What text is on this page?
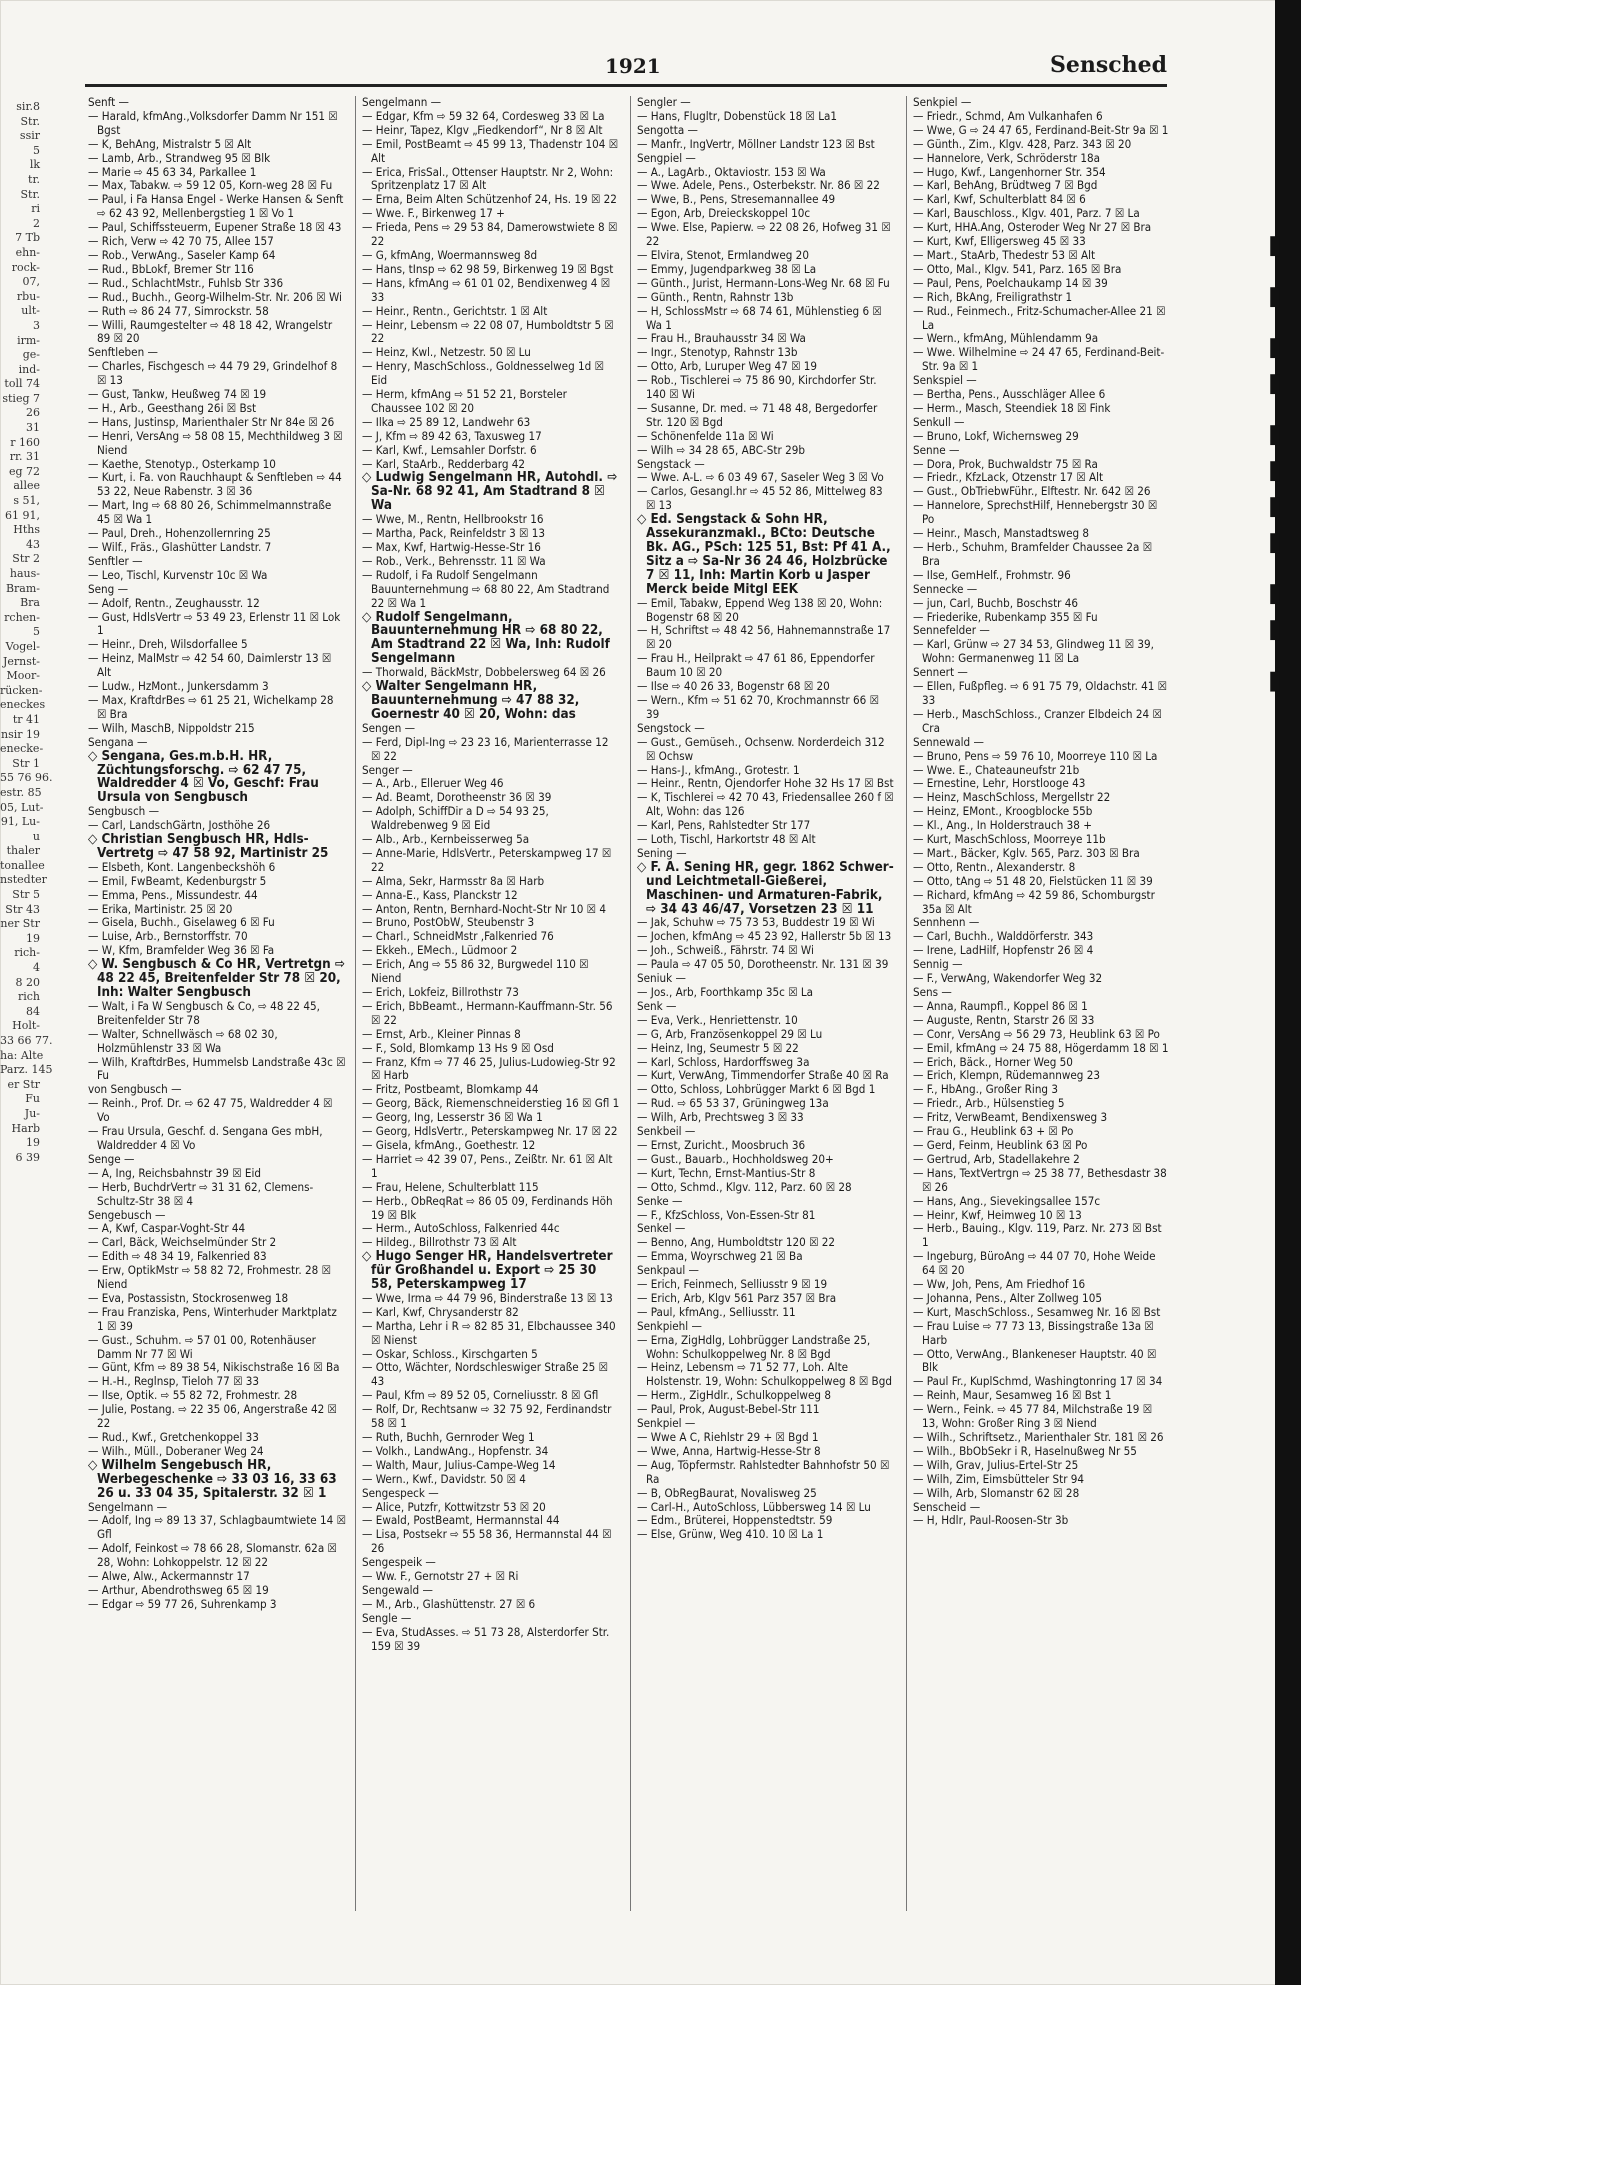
▮ ▮ ▮▮ ▮▮▮▮ ▮▮ ▮
sir.8
Str.
ssir
5
lk
tr.
Str.
ri
2
7 Tb
ehn-
rock-
07,
rbu-
ult-
3
irm-
ge-
ind-
toll 74
stieg 7
26
31
r 160
rr. 31
eg 72
allee
s 51,
61 91,
Hths
43
Str 2
haus-
Bram-
Bra
rchen-
5
Vogel-
Jernst-
Moor-
rücken-
eneckes
tr 41
nsir 19
enecke-
Str 1
55 76 96.
estr. 85
05, Lut-
91, Lu-
u
thaler
tonallee
nstedter
Str 5
Str 43
ner Str
19
rich-
4
8 20
rich
84
Holt-
33 66 77.
ha: Alte
Parz. 145
er Str
Fu
Ju-
Harb
19
6 39
1921	Sensched
Senft —
— Harald, kfmAng.,Volksdorfer Damm Nr 151 ☒ Bgst
— K, BehAng, Mistralstr 5 ☒ Alt
— Lamb, Arb., Strandweg 95 ☒ Blk
— Marie ⇨ 45 63 34, Parkallee 1
— Max, Tabakw. ⇨ 59 12 05, Korn-weg 28 ☒ Fu
— Paul, i Fa Hansa Engel - Werke Hansen & Senft ⇨ 62 43 92, Mellenbergstieg 1 ☒ Vo 1
— Paul, Schiffssteuerm, Eupener Straße 18 ☒ 43
— Rich, Verw ⇨ 42 70 75, Allee 157
— Rob., VerwAng., Saseler Kamp 64
— Rud., BbLokf, Bremer Str 116
— Rud., SchlachtMstr., Fuhlsb Str 336
— Rud., Buchh., Georg-Wilhelm-Str. Nr. 206 ☒ Wi
— Ruth ⇨ 86 24 77, Simrockstr. 58
— Willi, Raumgestelter ⇨ 48 18 42, Wrangelstr 89 ☒ 20
Senftleben —
— Charles, Fischgesch ⇨ 44 79 29, Grindelhof 8 ☒ 13
— Gust, Tankw, Heußweg 74 ☒ 19
— H., Arb., Geesthang 26i ☒ Bst
— Hans, Justinsp, Marienthaler Str Nr 84e ☒ 26
— Henri, VersAng ⇨ 58 08 15, Mechthildweg 3 ☒ Niend
— Kaethe, Stenotyp., Osterkamp 10
— Kurt, i. Fa. von Rauchhaupt & Senftleben ⇨ 44 53 22, Neue Rabenstr. 3 ☒ 36
— Mart, Ing ⇨ 68 80 26, Schimmelmannstraße 45 ☒ Wa 1
— Paul, Dreh., Hohenzollernring 25
— Wilf., Fräs., Glashütter Landstr. 7
Senftler —
— Leo, Tischl, Kurvenstr 10c ☒ Wa
Seng —
— Adolf, Rentn., Zeughausstr. 12
— Gust, HdlsVertr ⇨ 53 49 23, Erlenstr 11 ☒ Lok 1
— Heinr., Dreh, Wilsdorfallee 5
— Heinz, MalMstr ⇨ 42 54 60, Daimlerstr 13 ☒ Alt
— Ludw., HzMont., Junkersdamm 3
— Max, KraftdrBes ⇨ 61 25 21, Wichelkamp 28 ☒ Bra
— Wilh, MaschB, Nippoldstr 215
Sengana —
◇ Sengana, Ges.m.b.H. HR, Züchtungsforschg. ⇨ 62 47 75, Waldredder 4 ☒ Vo, Geschf: Frau Ursula von Sengbusch
Sengbusch —
— Carl, LandschGärtn, Josthöhe 26
◇ Christian Sengbusch HR, Hdls-Vertretg ⇨ 47 58 92, Martinistr 25
— Elsbeth, Kont. Langenbeckshöh 6
— Emil, FwBeamt, Kedenburgstr 5
— Emma, Pens., Missundestr. 44
— Erika, Martinistr. 25 ☒ 20
— Gisela, Buchh., Giselaweg 6 ☒ Fu
— Luise, Arb., Bernstorffstr. 70
— W, Kfm, Bramfelder Weg 36 ☒ Fa
◇ W. Sengbusch & Co HR, Vertretgn ⇨ 48 22 45, Breitenfelder Str 78 ☒ 20, Inh: Walter Sengbusch
— Walt, i Fa W Sengbusch & Co, ⇨ 48 22 45, Breitenfelder Str 78
— Walter, Schnellwäsch ⇨ 68 02 30, Holzmühlenstr 33 ☒ Wa
— Wilh, KraftdrBes, Hummelsb Landstraße 43c ☒ Fu
von Sengbusch —
— Reinh., Prof. Dr. ⇨ 62 47 75, Waldredder 4 ☒ Vo
— Frau Ursula, Geschf. d. Sengana Ges mbH, Waldredder 4 ☒ Vo
Senge —
— A, Ing, Reichsbahnstr 39 ☒ Eid
— Herb, BuchdrVertr ⇨ 31 31 62, Clemens-Schultz-Str 38 ☒ 4
Sengebusch —
— A, Kwf, Caspar-Voght-Str 44
— Carl, Bäck, Weichselmünder Str 2
— Edith ⇨ 48 34 19, Falkenried 83
— Erw, OptikMstr ⇨ 58 82 72, Frohmestr. 28 ☒ Niend
— Eva, Postassistn, Stockrosenweg 18
— Frau Franziska, Pens, Winterhuder Marktplatz 1 ☒ 39
— Gust., Schuhm. ⇨ 57 01 00, Rotenhäuser Damm Nr 77 ☒ Wi
— Günt, Kfm ⇨ 89 38 54, Nikischstraße 16 ☒ Ba
— H.-H., Reglnsp, Tieloh 77 ☒ 33
— Ilse, Optik. ⇨ 55 82 72, Frohmestr. 28
— Julie, Postang. ⇨ 22 35 06, Angerstraße 42 ☒ 22
— Rud., Kwf., Gretchenkoppel 33
— Wilh., Müll., Doberaner Weg 24
◇ Wilhelm Sengebusch HR, Werbegeschenke ⇨ 33 03 16, 33 63 26 u. 33 04 35, Spitalerstr. 32 ☒ 1
Sengelmann —
— Adolf, Ing ⇨ 89 13 37, Schlagbaumtwiete 14 ☒ Gfl
— Adolf, Feinkost ⇨ 78 66 28, Slomanstr. 62a ☒ 28, Wohn: Lohkoppelstr. 12 ☒ 22
— Alwe, Alw., Ackermannstr 17
— Arthur, Abendrothsweg 65 ☒ 19
— Edgar ⇨ 59 77 26, Suhrenkamp 3
Sengelmann —
— Edgar, Kfm ⇨ 59 32 64, Cordesweg 33 ☒ La
— Heinr, Tapez, Klgv „Fiedkendorf“, Nr 8 ☒ Alt
— Emil, PostBeamt ⇨ 45 99 13, Thadenstr 104 ☒ Alt
— Erica, FrisSal., Ottenser Hauptstr. Nr 2, Wohn: Spritzenplatz 17 ☒ Alt
— Erna, Beim Alten Schützenhof 24, Hs. 19 ☒ 22
— Wwe. F., Birkenweg 17 +
— Frieda, Pens ⇨ 29 53 84, Damerowstwiete 8 ☒ 22
— G, kfmAng, Woermannsweg 8d
— Hans, tInsp ⇨ 62 98 59, Birkenweg 19 ☒ Bgst
— Hans, kfmAng ⇨ 61 01 02, Bendixenweg 4 ☒ 33
— Heinr., Rentn., Gerichtstr. 1 ☒ Alt
— Heinr, Lebensm ⇨ 22 08 07, Humboldtstr 5 ☒ 22
— Heinz, Kwl., Netzestr. 50 ☒ Lu
— Henry, MaschSchloss., Goldnesselweg 1d ☒ Eid
— Herm, kfmAng ⇨ 51 52 21, Borsteler Chaussee 102 ☒ 20
— Ilka ⇨ 25 89 12, Landwehr 63
— J, Kfm ⇨ 89 42 63, Taxusweg 17
— Karl, Kwf., Lemsahler Dorfstr. 6
— Karl, StaArb., Redderbarg 42
◇ Ludwig Sengelmann HR, Autohdl. ⇨ Sa-Nr. 68 92 41, Am Stadtrand 8 ☒ Wa
— Wwe, M., Rentn, Hellbrookstr 16
— Martha, Pack, Reinfeldstr 3 ☒ 13
— Max, Kwf, Hartwig-Hesse-Str 16
— Rob., Verk., Behrensstr. 11 ☒ Wa
— Rudolf, i Fa Rudolf Sengelmann Bauunternehmung ⇨ 68 80 22, Am Stadtrand 22 ☒ Wa 1
◇ Rudolf Sengelmann, Bauunternehmung HR ⇨ 68 80 22, Am Stadtrand 22 ☒ Wa, Inh: Rudolf Sengelmann
— Thorwald, BäckMstr, Dobbelersweg 64 ☒ 26
◇ Walter Sengelmann HR, Bauunternehmung ⇨ 47 88 32, Goernestr 40 ☒ 20, Wohn: das
Sengen —
— Ferd, Dipl-Ing ⇨ 23 23 16, Marienterrasse 12 ☒ 22
Senger —
— A., Arb., Elleruer Weg 46
— Ad. Beamt, Dorotheenstr 36 ☒ 39
— Adolph, SchiffDir a D ⇨ 54 93 25, Waldrebenweg 9 ☒ Eid
— Alb., Arb., Kernbeisserweg 5a
— Anne-Marie, HdlsVertr., Peterskampweg 17 ☒ 22
— Alma, Sekr, Harmsstr 8a ☒ Harb
— Anna-E., Kass, Planckstr 12
— Anton, Rentn, Bernhard-Nocht-Str Nr 10 ☒ 4
— Bruno, PostObW, Steubenstr 3
— Charl., SchneidMstr ,Falkenried 76
— Ekkeh., EMech., Lüdmoor 2
— Erich, Ang ⇨ 55 86 32, Burgwedel 110 ☒ Niend
— Erich, Lokfeiz, Billrothstr 73
— Erich, BbBeamt., Hermann-Kauffmann-Str. 56 ☒ 22
— Ernst, Arb., Kleiner Pinnas 8
— F., Sold, Blomkamp 13 Hs 9 ☒ Osd
— Franz, Kfm ⇨ 77 46 25, Julius-Ludowieg-Str 92 ☒ Harb
— Fritz, Postbeamt, Blomkamp 44
— Georg, Bäck, Riemenschneiderstieg 16 ☒ Gfl 1
— Georg, Ing, Lesserstr 36 ☒ Wa 1
— Georg, HdlsVertr., Peterskampweg Nr. 17 ☒ 22
— Gisela, kfmAng., Goethestr. 12
— Harriet ⇨ 42 39 07, Pens., Zeißtr. Nr. 61 ☒ Alt 1
— Frau, Helene, Schulterblatt 115
— Herb., ObReqRat ⇨ 86 05 09, Ferdinands Höh 19 ☒ Blk
— Herm., AutoSchloss, Falkenried 44c
— Hildeg., Billrothstr 73 ☒ Alt
◇ Hugo Senger HR, Handelsvertreter für Großhandel u. Export ⇨ 25 30 58, Peterskampweg 17
— Wwe, Irma ⇨ 44 79 96, Binderstraße 13 ☒ 13
— Karl, Kwf, Chrysanderstr 82
— Martha, Lehr i R ⇨ 82 85 31, Elbchaussee 340 ☒ Nienst
— Oskar, Schloss., Kirschgarten 5
— Otto, Wächter, Nordschleswiger Straße 25 ☒ 43
— Paul, Kfm ⇨ 89 52 05, Corneliusstr. 8 ☒ Gfl
— Rolf, Dr, Rechtsanw ⇨ 32 75 92, Ferdinandstr 58 ☒ 1
— Ruth, Buchh, Gernroder Weg 1
— Volkh., LandwAng., Hopfenstr. 34
— Walth, Maur, Julius-Campe-Weg 14
— Wern., Kwf., Davidstr. 50 ☒ 4
Sengespeck —
— Alice, Putzfr, Kottwitzstr 53 ☒ 20
— Ewald, PostBeamt, Hermannstal 44
— Lisa, Postsekr ⇨ 55 58 36, Hermannstal 44 ☒ 26
Sengespeik —
— Ww. F., Gernotstr 27 + ☒ Ri
Sengewald —
— M., Arb., Glashüttenstr. 27 ☒ 6
Sengle —
— Eva, StudAsses. ⇨ 51 73 28, Alsterdorfer Str. 159 ☒ 39
Sengler —
— Hans, Flugltr, Dobenstück 18 ☒ La1
Sengotta —
— Manfr., IngVertr, Möllner Landstr 123 ☒ Bst
Sengpiel —
— A., LagArb., Oktaviostr. 153 ☒ Wa
— Wwe. Adele, Pens., Osterbekstr. Nr. 86 ☒ 22
— Wwe, B., Pens, Stresemannallee 49
— Egon, Arb, Dreieckskoppel 10c
— Wwe. Else, Papierw. ⇨ 22 08 26, Hofweg 31 ☒ 22
— Elvira, Stenot, Ermlandweg 20
— Emmy, Jugendparkweg 38 ☒ La
— Günth., Jurist, Hermann-Lons-Weg Nr. 68 ☒ Fu
— Günth., Rentn, Rahnstr 13b
— H, SchlossMstr ⇨ 68 74 61, Mühlenstieg 6 ☒ Wa 1
— Frau H., Brauhausstr 34 ☒ Wa
— Ingr., Stenotyp, Rahnstr 13b
— Otto, Arb, Luruper Weg 47 ☒ 19
— Rob., Tischlerei ⇨ 75 86 90, Kirchdorfer Str. 140 ☒ Wi
— Susanne, Dr. med. ⇨ 71 48 48, Bergedorfer Str. 120 ☒ Bgd
— Schönenfelde 11a ☒ Wi
— Wilh ⇨ 34 28 65, ABC-Str 29b
Sengstack —
— Wwe. A-L. ⇨ 6 03 49 67, Saseler Weg 3 ☒ Vo
— Carlos, Gesangl.hr ⇨ 45 52 86, Mittelweg 83 ☒ 13
◇ Ed. Sengstack & Sohn HR, Assekuranzmakl., BCto: Deutsche Bk. AG., PSch: 125 51, Bst: Pf 41 A., Sitz a ⇨ Sa-Nr 36 24 46, Holzbrücke 7 ☒ 11, Inh: Martin Korb u Jasper Merck beide Mitgl EEK
— Emil, Tabakw, Eppend Weg 138 ☒ 20, Wohn: Bogenstr 68 ☒ 20
— H, Schriftst ⇨ 48 42 56, Hahnemannstraße 17 ☒ 20
— Frau H., Heilprakt ⇨ 47 61 86, Eppendorfer Baum 10 ☒ 20
— Ilse ⇨ 40 26 33, Bogenstr 68 ☒ 20
— Wern., Kfm ⇨ 51 62 70, Krochmannstr 66 ☒ 39
Sengstock —
— Gust., Gemüseh., Ochsenw. Norderdeich 312 ☒ Ochsw
— Hans-J., kfmAng., Grotestr. 1
— Heinr., Rentn, Ojendorfer Hohe 32 Hs 17 ☒ Bst
— K, Tischlerei ⇨ 42 70 43, Friedensallee 260 f ☒ Alt, Wohn: das 126
— Karl, Pens, Rahlstedter Str 177
— Loth, Tischl, Harkortstr 48 ☒ Alt
Sening —
◇ F. A. Sening HR, gegr. 1862 Schwer- und Leichtmetall-Gießerei, Maschinen- und Armaturen-Fabrik, ⇨ 34 43 46/47, Vorsetzen 23 ☒ 11
— Jak, Schuhw ⇨ 75 73 53, Buddestr 19 ☒ Wi
— Jochen, kfmAng ⇨ 45 23 92, Hallerstr 5b ☒ 13
— Joh., Schweiß., Fährstr. 74 ☒ Wi
— Paula ⇨ 47 05 50, Dorotheenstr. Nr. 131 ☒ 39
Seniuk —
— Jos., Arb, Foorthkamp 35c ☒ La
Senk —
— Eva, Verk., Henriettenstr. 10
— G, Arb, Französenkoppel 29 ☒ Lu
— Heinz, Ing, Seumestr 5 ☒ 22
— Karl, Schloss, Hardorffsweg 3a
— Kurt, VerwAng, Timmendorfer Straße 40 ☒ Ra
— Otto, Schloss, Lohbrügger Markt 6 ☒ Bgd 1
— Rud. ⇨ 65 53 37, Grüningweg 13a
— Wilh, Arb, Prechtsweg 3 ☒ 33
Senkbeil —
— Ernst, Zuricht., Moosbruch 36
— Gust., Bauarb., Hochholdsweg 20+
— Kurt, Techn, Ernst-Mantius-Str 8
— Otto, Schmd., Klgv. 112, Parz. 60 ☒ 28
Senke —
— F., KfzSchloss, Von-Essen-Str 81
Senkel —
— Benno, Ang, Humboldtstr 120 ☒ 22
— Emma, Woyrschweg 21 ☒ Ba
Senkpaul —
— Erich, Feinmech, Selliusstr 9 ☒ 19
— Erich, Arb, Klgv 561 Parz 357 ☒ Bra
— Paul, kfmAng., Selliusstr. 11
Senkpiehl —
— Erna, ZigHdlg, Lohbrügger Landstraße 25, Wohn: Schulkoppelweg Nr. 8 ☒ Bgd
— Heinz, Lebensm ⇨ 71 52 77, Loh. Alte Holstenstr. 19, Wohn: Schulkoppelweg 8 ☒ Bgd
— Herm., ZigHdlr., Schulkoppelweg 8
— Paul, Prok, August-Bebel-Str 111
Senkpiel —
— Wwe A C, Riehlstr 29 + ☒ Bgd 1
— Wwe, Anna, Hartwig-Hesse-Str 8
— Aug, Töpfermstr. Rahlstedter Bahnhofstr 50 ☒ Ra
— B, ObRegBaurat, Novalisweg 25
— Carl-H., AutoSchloss, Lübbersweg 14 ☒ Lu
— Edm., Brüterei, Hoppenstedtstr. 59
— Else, Grünw, Weg 410. 10 ☒ La 1
Senkpiel —
— Friedr., Schmd, Am Vulkanhafen 6
— Wwe, G ⇨ 24 47 65, Ferdinand-Beit-Str 9a ☒ 1
— Günth., Zim., Klgv. 428, Parz. 343 ☒ 20
— Hannelore, Verk, Schröderstr 18a
— Hugo, Kwf., Langenhorner Str. 354
— Karl, BehAng, Brüdtweg 7 ☒ Bgd
— Karl, Kwf, Schulterblatt 84 ☒ 6
— Karl, Bauschloss., Klgv. 401, Parz. 7 ☒ La
— Kurt, HHA.Ang, Osteroder Weg Nr 27 ☒ Bra
— Kurt, Kwf, Elligersweg 45 ☒ 33
— Mart., StaArb, Thedestr 53 ☒ Alt
— Otto, Mal., Klgv. 541, Parz. 165 ☒ Bra
— Paul, Pens, Poelchaukamp 14 ☒ 39
— Rich, BkAng, Freiligrathstr 1
— Rud., Feinmech., Fritz-Schumacher-Allee 21 ☒ La
— Wern., kfmAng, Mühlendamm 9a
— Wwe. Wilhelmine ⇨ 24 47 65, Ferdinand-Beit-Str. 9a ☒ 1
Senkspiel —
— Bertha, Pens., Ausschläger Allee 6
— Herm., Masch, Steendiek 18 ☒ Fink
Senkull —
— Bruno, Lokf, Wichernsweg 29
Senne —
— Dora, Prok, Buchwaldstr 75 ☒ Ra
— Friedr., KfzLack, Otzenstr 17 ☒ Alt
— Gust., ObTriebwFühr., Elftestr. Nr. 642 ☒ 26
— Hannelore, SprechstHilf, Hennebergstr 30 ☒ Po
— Heinr., Masch, Manstadtsweg 8
— Herb., Schuhm, Bramfelder Chaussee 2a ☒ Bra
— Ilse, GemHelf., Frohmstr. 96
Sennecke —
— jun, Carl, Buchb, Boschstr 46
— Friederike, Rubenkamp 355 ☒ Fu
Sennefelder —
— Karl, Grünw ⇨ 27 34 53, Glindweg 11 ☒ 39, Wohn: Germanenweg 11 ☒ La
Sennert —
— Ellen, Fußpfleg. ⇨ 6 91 75 79, Oldachstr. 41 ☒ 33
— Herb., MaschSchloss., Cranzer Elbdeich 24 ☒ Cra
Sennewald —
— Bruno, Pens ⇨ 59 76 10, Moorreye 110 ☒ La
— Wwe. E., Chateauneufstr 21b
— Ernestine, Lehr, Horstlooge 43
— Heinz, MaschSchloss, Mergellstr 22
— Heinz, EMont., Kroogblocke 55b
— Kl., Ang., In Holderstrauch 38 +
— Kurt, MaschSchloss, Moorreye 11b
— Mart., Bäcker, Kglv. 565, Parz. 303 ☒ Bra
— Otto, Rentn., Alexanderstr. 8
— Otto, tAng ⇨ 51 48 20, Fielstücken 11 ☒ 39
— Richard, kfmAng ⇨ 42 59 86, Schomburgstr 35a ☒ Alt
Sennhenn —
— Carl, Buchh., Walddörferstr. 343
— Irene, LadHilf, Hopfenstr 26 ☒ 4
Sennig —
— F., VerwAng, Wakendorfer Weg 32
Sens —
— Anna, Raumpfl., Koppel 86 ☒ 1
— Auguste, Rentn, Starstr 26 ☒ 33
— Conr, VersAng ⇨ 56 29 73, Heublink 63 ☒ Po
— Emil, kfmAng ⇨ 24 75 88, Högerdamm 18 ☒ 1
— Erich, Bäck., Horner Weg 50
— Erich, Klempn, Rüdemannweg 23
— F., HbAng., Großer Ring 3
— Friedr., Arb., Hülsenstieg 5
— Fritz, VerwBeamt, Bendixensweg 3
— Frau G., Heublink 63 + ☒ Po
— Gerd, Feinm, Heublink 63 ☒ Po
— Gertrud, Arb, Stadellakehre 2
— Hans, TextVertrgn ⇨ 25 38 77, Bethesdastr 38 ☒ 26
— Hans, Ang., Sievekingsallee 157c
— Heinr, Kwf, Heimweg 10 ☒ 13
— Herb., Bauing., Klgv. 119, Parz. Nr. 273 ☒ Bst 1
— Ingeburg, BüroAng ⇨ 44 07 70, Hohe Weide 64 ☒ 20
— Ww, Joh, Pens, Am Friedhof 16
— Johanna, Pens., Alter Zollweg 105
— Kurt, MaschSchloss., Sesamweg Nr. 16 ☒ Bst
— Frau Luise ⇨ 77 73 13, Bissingstraße 13a ☒ Harb
— Otto, VerwAng., Blankeneser Hauptstr. 40 ☒ Blk
— Paul Fr., KuplSchmd, Washingtonring 17 ☒ 34
— Reinh, Maur, Sesamweg 16 ☒ Bst 1
— Wern., Feink. ⇨ 45 77 84, Milchstraße 19 ☒ 13, Wohn: Großer Ring 3 ☒ Niend
— Wilh., Schriftsetz., Marienthaler Str. 181 ☒ 26
— Wilh., BbObSekr i R, Haselnußweg Nr 55
— Wilh, Grav, Julius-Ertel-Str 25
— Wilh, Zim, Eimsbütteler Str 94
— Wilh, Arb, Slomanstr 62 ☒ 28
Senscheid —
— H, Hdlr, Paul-Roosen-Str 3b
